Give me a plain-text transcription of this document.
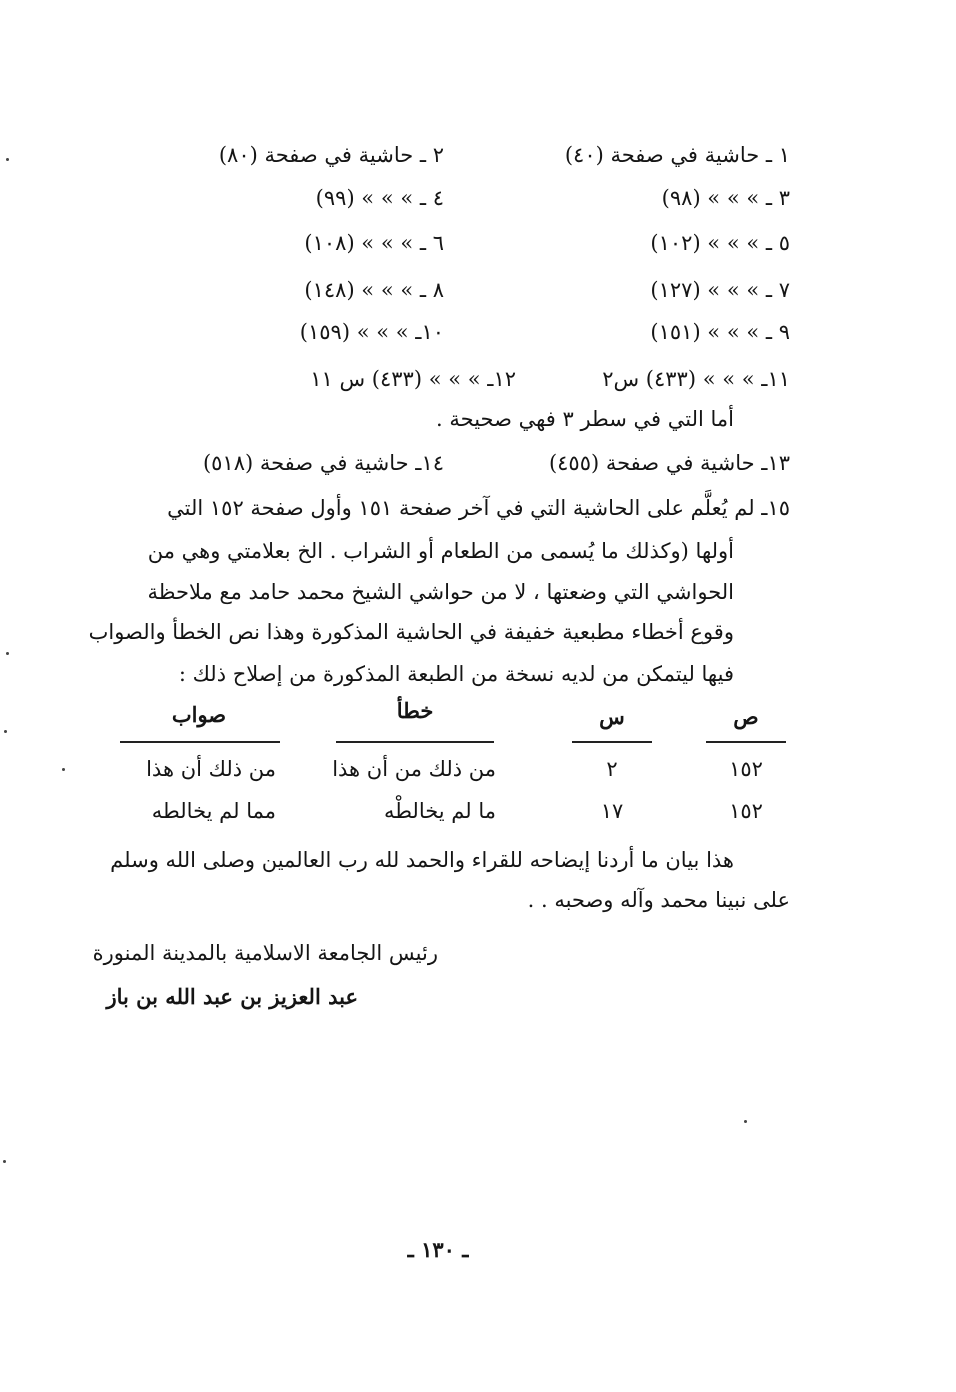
١ ـ حاشية في صفحة (٤٠)
٢ ـ حاشية في صفحة (٨٠)
٣ ـ » » » (٩٨)
٤ ـ » » » (٩٩)
٥ ـ » » » (١٠٢)
٦ ـ » » » (١٠٨)
٧ ـ » » » (١٢٧)
٨ ـ » » » (١٤٨)
٩ ـ » » » (١٥١)
١٠ـ » » » (١٥٩)
١١ـ » » » (٤٣٣) س٢
١٢ـ » » » (٤٣٣) س ١١
أما التي في سطر ٣ فهي صحيحة .
١٣ـ حاشية في صفحة (٤٥٥)
١٤ـ حاشية في صفحة (٥١٨)
١٥ـ لم يُعلَّم على الحاشية التي في آخر صفحة ١٥١ وأول صفحة ١٥٢ التي
أولها (وكذلك ما يُسمى من الطعام أو الشراب . الخ بعلامتي وهي من
الحواشي التي وضعتها ، لا من حواشي الشيخ محمد حامد مع ملاحظة
وقوع أخطاء مطبعية خفيفة في الحاشية المذكورة وهذا نص الخطأ والصواب
فيها ليتمكن من لديه نسخة من الطبعة المذكورة من إصلاح ذلك :
ص
س
خطأ
صواب
١٥٢
٢
من ذلك من أن هذا
من ذلك أن هذا
١٥٢
١٧
ما لم يخالطْه
مما لم يخالطه
هذا بيان ما أردنا إيضاحه للقراء والحمد لله رب العالمين وصلى الله وسلم
على نبينا محمد وآله وصحبه . .
رئيس الجامعة الاسلامية بالمدينة المنورة
عبد العزيز بن عبد الله بن باز
ـ ١٣٠ ـ
